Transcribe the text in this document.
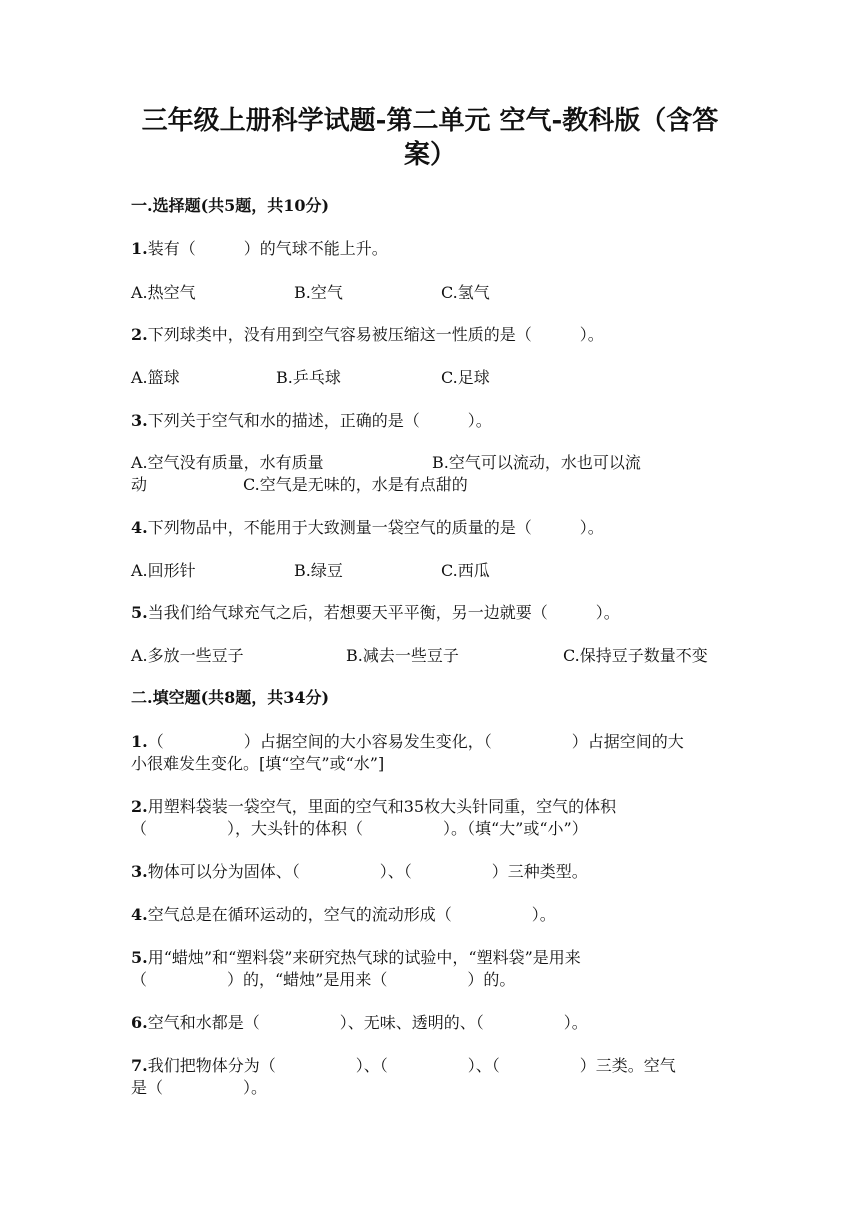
三年级上册科学试题-第二单元 空气-教科版（含答
案）
一.选择题(共5题，共10分)
1.装有（　　　）的气球不能上升。
A.热空气	B.空气	C.氢气
2.下列球类中，没有用到空气容易被压缩这一性质的是（　　　）。
A.篮球	B.乒乓球	C.足球
3.下列关于空气和水的描述，正确的是（　　　）。
A.空气没有质量，水有质量	B.空气可以流动，水也可以流
动	C.空气是无味的，水是有点甜的
4.下列物品中，不能用于大致测量一袋空气的质量的是（　　　）。
A.回形针	B.绿豆	C.西瓜
5.当我们给气球充气之后，若想要天平平衡，另一边就要（　　　）。
A.多放一些豆子	B.减去一些豆子	C.保持豆子数量不变
二.填空题(共8题，共34分)
1.（　　　　　）占据空间的大小容易发生变化，（　　　　　）占据空间的大
小很难发生变化。[填“空气”或“水”]
2.用塑料袋装一袋空气，里面的空气和35枚大头针同重，空气的体积
（　　　　　），大头针的体积（　　　　　）。（填“大”或“小”）
3.物体可以分为固体、（　　　　　）、（　　　　　）三种类型。
4.空气总是在循环运动的，空气的流动形成（　　　　　）。
5.用“蜡烛”和“塑料袋”来研究热气球的试验中，“塑料袋”是用来
（　　　　　）的，“蜡烛”是用来（　　　　　）的。
6.空气和水都是（　　　　　）、无味、透明的、（　　　　　）。
7.我们把物体分为（　　　　　）、（　　　　　）、（　　　　　）三类。空气
是（　　　　　）。
